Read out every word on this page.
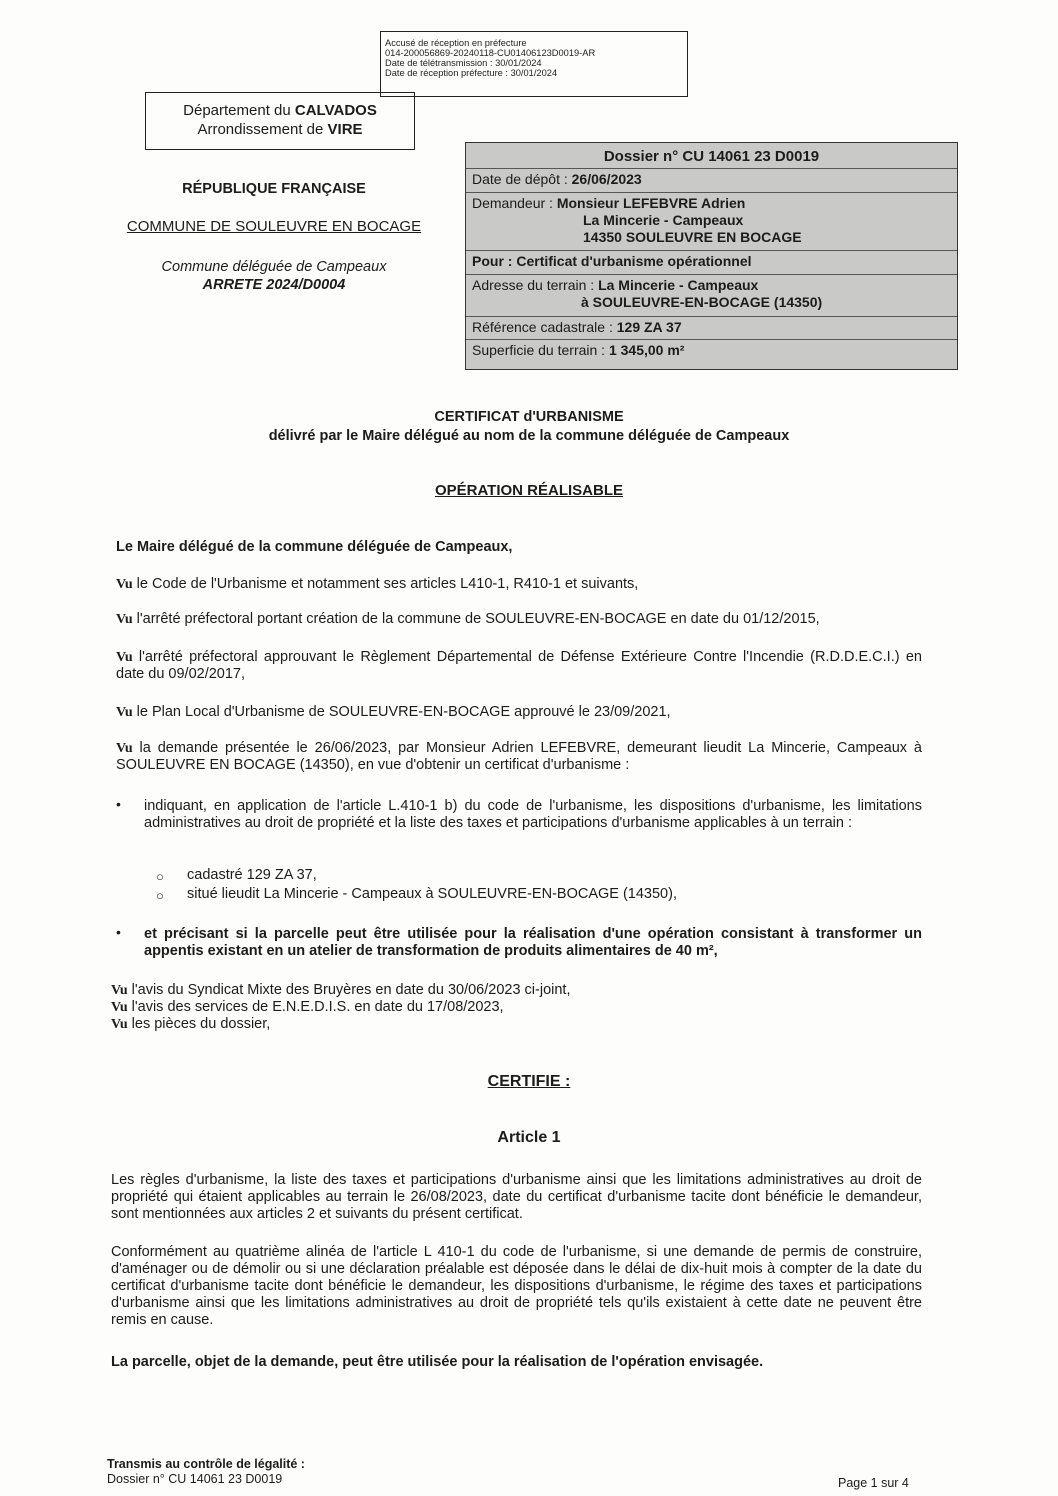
Accusé de réception en préfecture
014-200056869-20240118-CU01406123D0019-AR
Date de télétransmission : 30/01/2024
Date de réception préfecture : 30/01/2024
Département du CALVADOS
Arrondissement de VIRE
RÉPUBLIQUE FRANÇAISE
COMMUNE DE SOULEUVRE EN BOCAGE
Commune déléguée de Campeaux
ARRETE 2024/D0004
Dossier n° CU 14061 23 D0019
Date de dépôt : 26/06/2023
Demandeur : Monsieur LEFEBVRE Adrien
La Mincerie - Campeaux
14350 SOULEUVRE EN BOCAGE
Pour : Certificat d'urbanisme opérationnel
Adresse du terrain : La Mincerie - Campeaux
à SOULEUVRE-EN-BOCAGE (14350)
Référence cadastrale : 129 ZA 37
Superficie du terrain : 1 345,00 m²
CERTIFICAT d'URBANISME
délivré par le Maire délégué au nom de la commune déléguée de Campeaux
OPÉRATION RÉALISABLE
Le Maire délégué de la commune déléguée de Campeaux,
Vu le Code de l'Urbanisme et notamment ses articles L410-1, R410-1 et suivants,
Vu l'arrêté préfectoral portant création de la commune de SOULEUVRE-EN-BOCAGE en date du 01/12/2015,
Vu l'arrêté préfectoral approuvant le Règlement Départemental de Défense Extérieure Contre l'Incendie (R.D.D.E.C.I.) en date du 09/02/2017,
Vu le Plan Local d'Urbanisme de SOULEUVRE-EN-BOCAGE approuvé le 23/09/2021,
Vu la demande présentée le 26/06/2023, par Monsieur Adrien LEFEBVRE, demeurant lieudit La Mincerie, Campeaux à SOULEUVRE EN BOCAGE (14350), en vue d'obtenir un certificat d'urbanisme :
•	indiquant, en application de l'article L.410-1 b) du code de l'urbanisme, les dispositions d'urbanisme, les limitations administratives au droit de propriété et la liste des taxes et participations d'urbanisme applicables à un terrain :
○ cadastré 129 ZA 37,
○ situé lieudit La Mincerie - Campeaux à SOULEUVRE-EN-BOCAGE (14350),
•	et précisant si la parcelle peut être utilisée pour la réalisation d'une opération consistant à transformer un appentis existant en un atelier de transformation de produits alimentaires de 40 m²,
Vu l'avis du Syndicat Mixte des Bruyères en date du 30/06/2023 ci-joint,
Vu l'avis des services de E.N.E.D.I.S. en date du 17/08/2023,
Vu les pièces du dossier,
CERTIFIE :
Article 1
Les règles d'urbanisme, la liste des taxes et participations d'urbanisme ainsi que les limitations administratives au droit de propriété qui étaient applicables au terrain le 26/08/2023, date du certificat d'urbanisme tacite dont bénéficie le demandeur, sont mentionnées aux articles 2 et suivants du présent certificat.
Conformément au quatrième alinéa de l'article L 410-1 du code de l'urbanisme, si une demande de permis de construire, d'aménager ou de démolir ou si une déclaration préalable est déposée dans le délai de dix-huit mois à compter de la date du certificat d'urbanisme tacite dont bénéficie le demandeur, les dispositions d'urbanisme, le régime des taxes et participations d'urbanisme ainsi que les limitations administratives au droit de propriété tels qu'ils existaient à cette date ne peuvent être remis en cause.
La parcelle, objet de la demande, peut être utilisée pour la réalisation de l'opération envisagée.
Transmis au contrôle de légalité :
Dossier n° CU 14061 23 D0019	Page 1 sur 4
